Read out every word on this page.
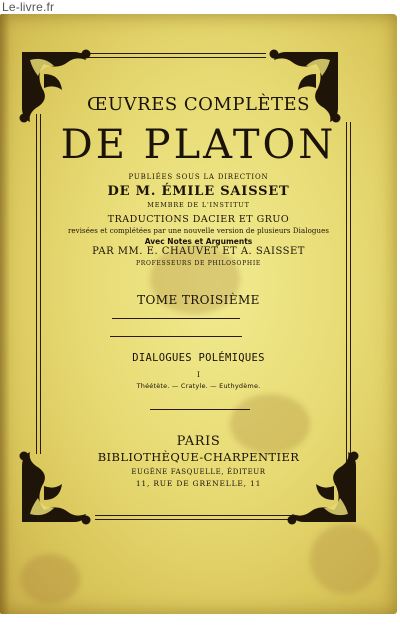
Le-livre.fr
ŒUVRES COMPLÈTES
DE PLATON
PUBLIÉES SOUS LA DIRECTION
DE M. ÉMILE SAISSET
MEMBRE DE L'INSTITUT
TRADUCTIONS DACIER ET GRUO
revisées et complétées par une nouvelle version de plusieurs Dialogues
Avec Notes et Arguments
PAR MM. E. CHAUVET ET A. SAISSET
PROFESSEURS DE PHILOSOPHIE
TOME TROISIÈME
DIALOGUES POLÉMIQUES
I
Théétète. — Cratyle. — Euthydème.
PARIS
BIBLIOTHÈQUE-CHARPENTIER
EUGÈNE FASQUELLE, ÉDITEUR
11, RUE DE GRENELLE, 11
